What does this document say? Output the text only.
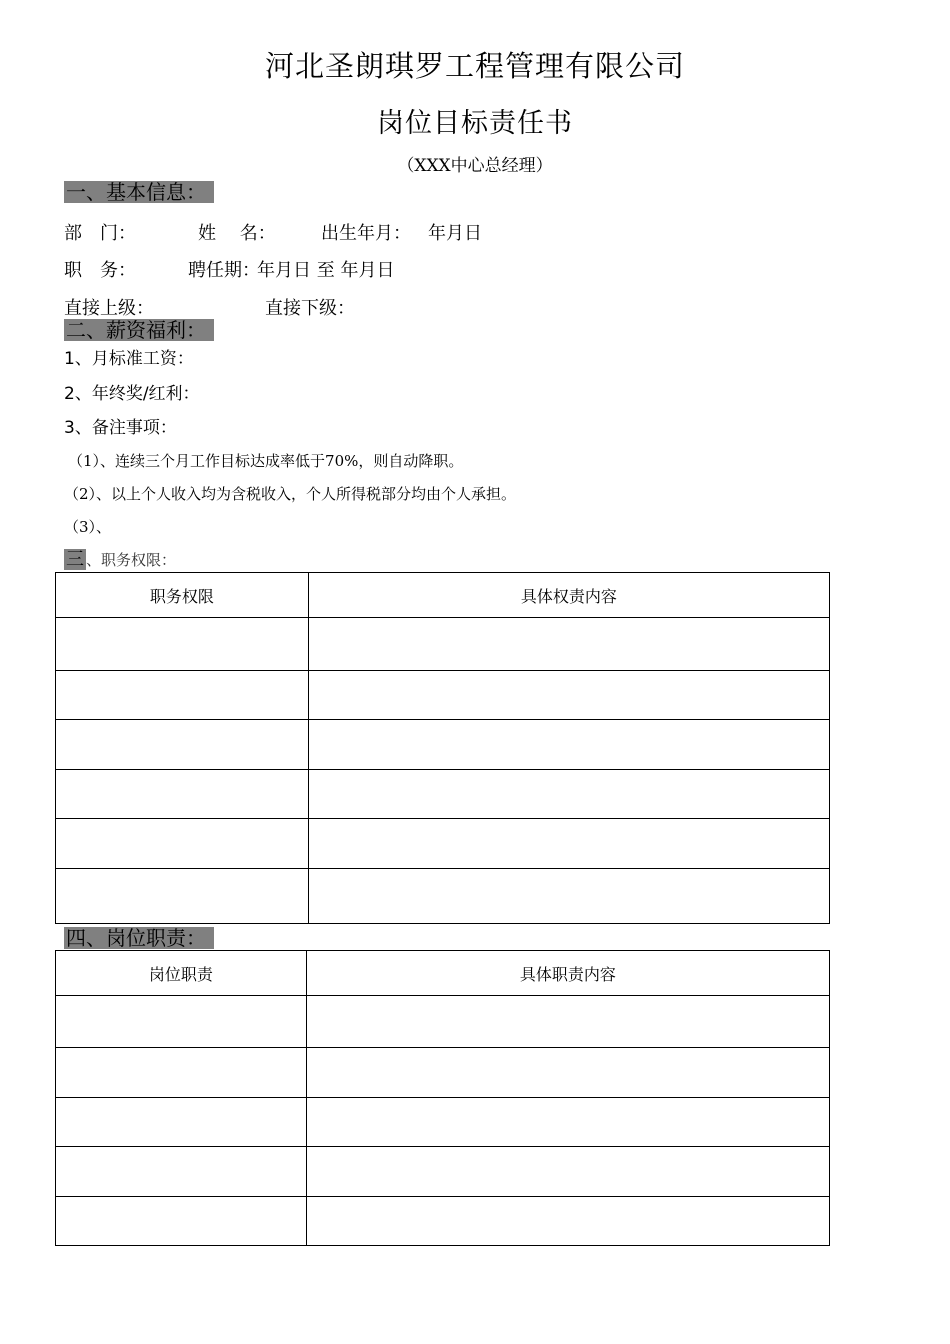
河北圣朗琪罗工程管理有限公司
岗位目标责任书
（XXX中心总经理）
一、基本信息：
部　门：	姓　 名：	出生年月： 年月日
职　务：	聘任期：
年月日 至 年月日
直接上级：	直接下级：
二、薪资福利：
1、月标准工资：
2、年终奖/红利：
3、备注事项：
（1）、连续三个月工作目标达成率低于70%，则自动降职。
（2）、以上个人收入均为含税收入，个人所得税部分均由个人承担。
（3）、
三 、职务权限：
职务权限	具体权责内容

四、岗位职责：
岗位职责	具体职责内容
